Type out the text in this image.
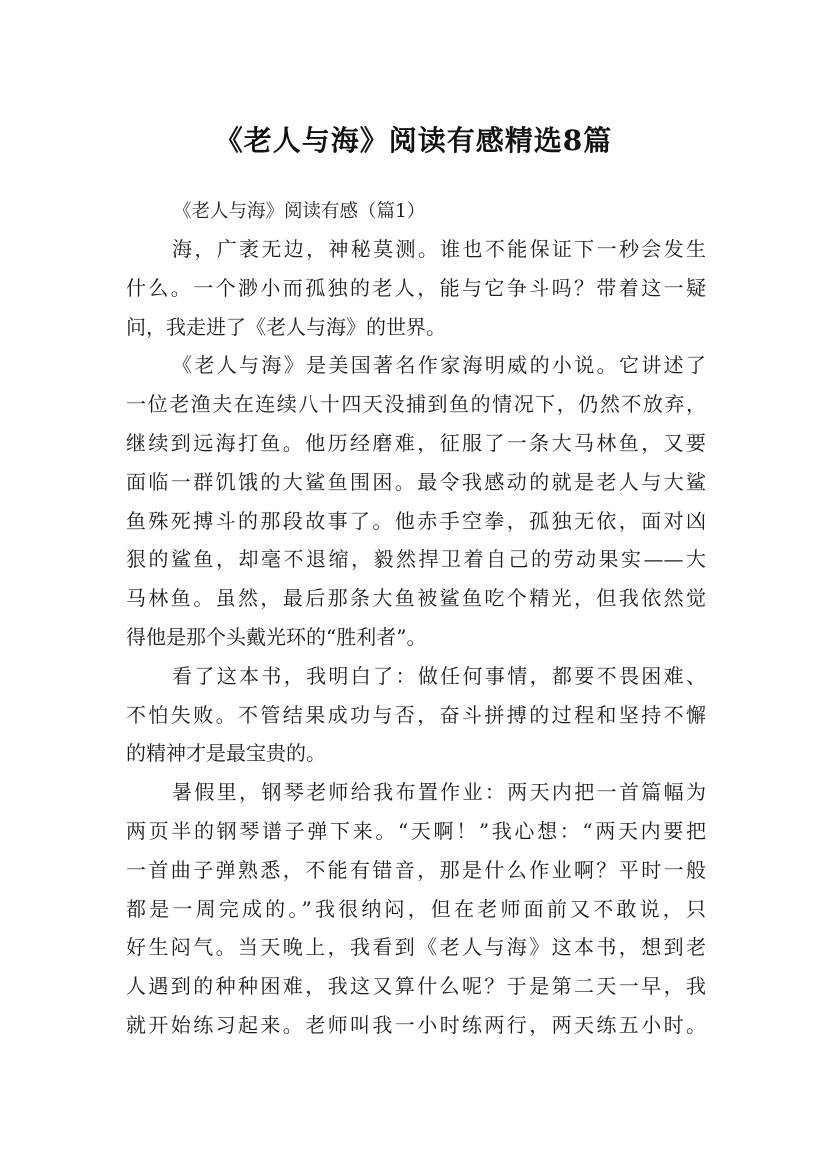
《老人与海》阅读有感精选8篇

《老人与海》阅读有感（篇1）

海，广袤无边，神秘莫测。谁也不能保证下一秒会发生
什么。一个渺小而孤独的老人，能与它争斗吗？带着这一疑
问，我走进了《老人与海》的世界。
《老人与海》是美国著名作家海明威的小说。它讲述了
一位老渔夫在连续八十四天没捕到鱼的情况下，仍然不放弃，
继续到远海打鱼。他历经磨难，征服了一条大马林鱼，又要
面临一群饥饿的大鲨鱼围困。最令我感动的就是老人与大鲨
鱼殊死搏斗的那段故事了。他赤手空拳，孤独无依，面对凶
狠的鲨鱼，却毫不退缩，毅然捍卫着自己的劳动果实——大
马林鱼。虽然，最后那条大鱼被鲨鱼吃个精光，但我依然觉
得他是那个头戴光环的“胜利者”。
看了这本书，我明白了：做任何事情，都要不畏困难、
不怕失败。不管结果成功与否，奋斗拼搏的过程和坚持不懈
的精神才是最宝贵的。
暑假里，钢琴老师给我布置作业：两天内把一首篇幅为
两页半的钢琴谱子弹下来。“天啊！”我心想：“两天内要把
一首曲子弹熟悉，不能有错音，那是什么作业啊？平时一般
都是一周完成的。”我很纳闷，但在老师面前又不敢说，只
好生闷气。当天晚上，我看到《老人与海》这本书，想到老
人遇到的种种困难，我这又算什么呢？于是第二天一早，我
就开始练习起来。老师叫我一小时练两行，两天练五小时。
